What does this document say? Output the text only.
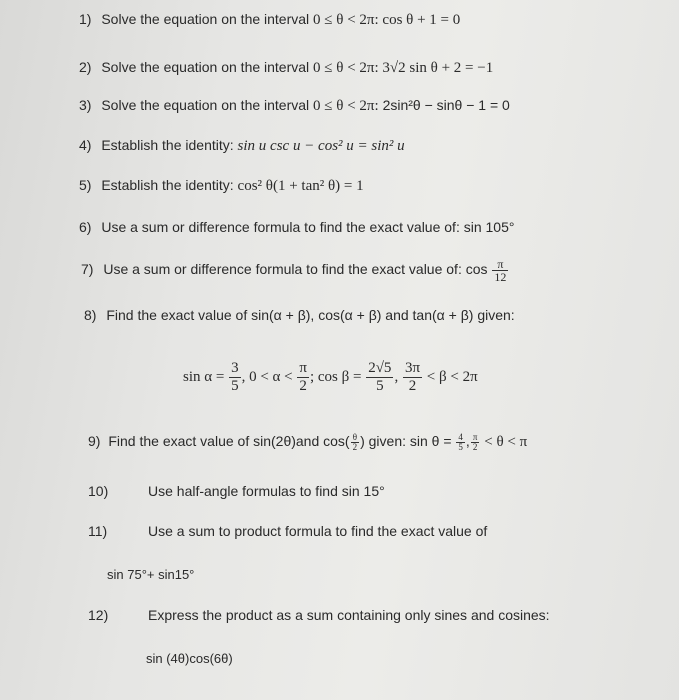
1) Solve the equation on the interval 0 ≤ θ < 2π: cos θ + 1 = 0
2) Solve the equation on the interval 0 ≤ θ < 2π: 3√2 sin θ + 2 = −1
3) Solve the equation on the interval 0 ≤ θ < 2π: 2sin²θ − sinθ − 1 = 0
4) Establish the identity: sin u csc u − cos² u = sin² u
5) Establish the identity: cos² θ(1 + tan² θ) = 1
6) Use a sum or difference formula to find the exact value of: sin 105°
7) Use a sum or difference formula to find the exact value of: $\cos \frac{\pi}{12}$
8) Find the exact value of sin(α + β), cos(α + β) and tan(α + β) given:
$\sin \alpha = \frac{3}{5}$ , $0 < \alpha < \frac{\pi}{2}$ ; $\cos \beta = \frac{2√5}{5}$ , $\frac{3\pi}{2} < \beta < 2\pi$
9) Find the exact value of sin(2θ)and $\cos( \frac{\theta}{2}$ ) given: $\sin \theta = \frac{4}{5}$ , $\frac{\pi}{2} < \theta < \pi$
10)	Use half-angle formulas to find sin 15°
11)	Use a sum to product formula to find the exact value of
sin 75°+ sin15°
12)	Express the product as a sum containing only sines and cosines:
sin (4θ)cos(6θ)
